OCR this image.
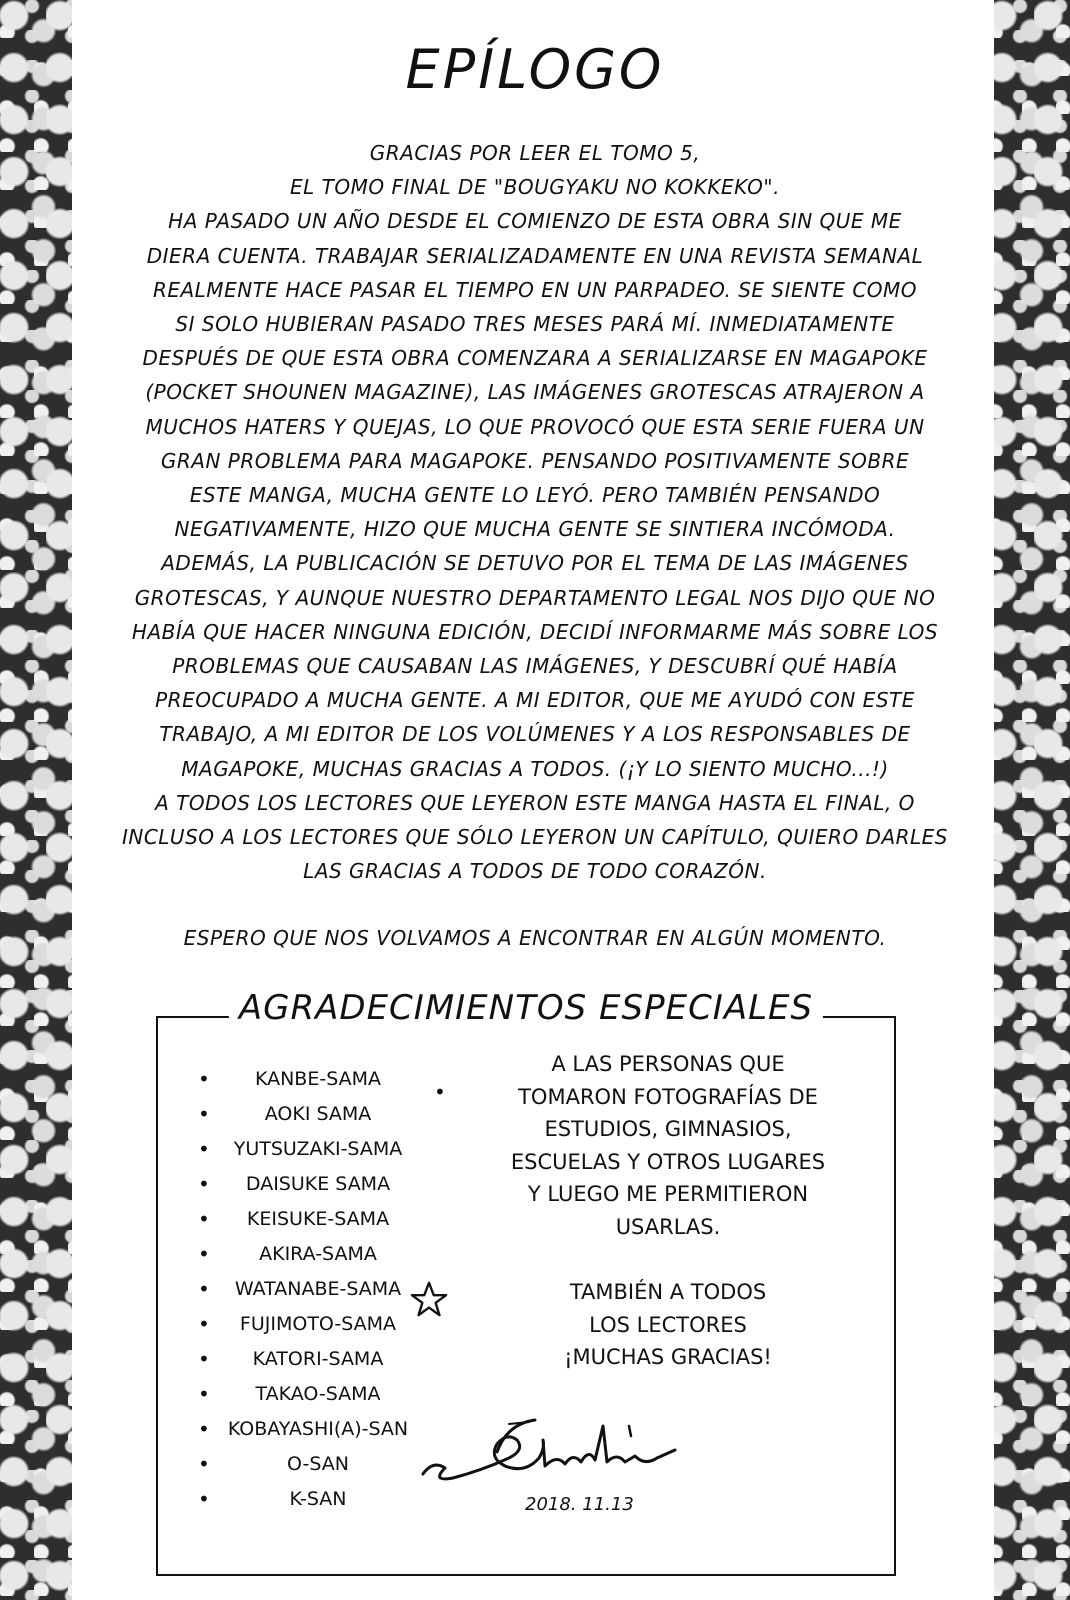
EPÍLOGO

GRACIAS POR LEER EL TOMO 5,
EL TOMO FINAL DE "BOUGYAKU NO KOKKEKO".
HA PASADO UN AÑO DESDE EL COMIENZO DE ESTA OBRA SIN QUE ME
DIERA CUENTA. TRABAJAR SERIALIZADAMENTE EN UNA REVISTA SEMANAL
REALMENTE HACE PASAR EL TIEMPO EN UN PARPADEO. SE SIENTE COMO
SI SOLO HUBIERAN PASADO TRES MESES PARÁ MÍ. INMEDIATAMENTE
DESPUÉS DE QUE ESTA OBRA COMENZARA A SERIALIZARSE EN MAGAPOKE
(POCKET SHOUNEN MAGAZINE), LAS IMÁGENES GROTESCAS ATRAJERON A
MUCHOS HATERS Y QUEJAS, LO QUE PROVOCÓ QUE ESTA SERIE FUERA UN
GRAN PROBLEMA PARA MAGAPOKE. PENSANDO POSITIVAMENTE SOBRE
ESTE MANGA, MUCHA GENTE LO LEYÓ. PERO TAMBIÉN PENSANDO
NEGATIVAMENTE, HIZO QUE MUCHA GENTE SE SINTIERA INCÓMODA.
ADEMÁS, LA PUBLICACIÓN SE DETUVO POR EL TEMA DE LAS IMÁGENES
GROTESCAS, Y AUNQUE NUESTRO DEPARTAMENTO LEGAL NOS DIJO QUE NO
HABÍA QUE HACER NINGUNA EDICIÓN, DECIDÍ INFORMARME MÁS SOBRE LOS
PROBLEMAS QUE CAUSABAN LAS IMÁGENES, Y DESCUBRÍ QUÉ HABÍA
PREOCUPADO A MUCHA GENTE. A MI EDITOR, QUE ME AYUDÓ CON ESTE
TRABAJO, A MI EDITOR DE LOS VOLÚMENES Y A LOS RESPONSABLES DE
MAGAPOKE, MUCHAS GRACIAS A TODOS. (¡Y LO SIENTO MUCHO...!)
A TODOS LOS LECTORES QUE LEYERON ESTE MANGA HASTA EL FINAL, O
INCLUSO A LOS LECTORES QUE SÓLO LEYERON UN CAPÍTULO, QUIERO DARLES
LAS GRACIAS A TODOS DE TODO CORAZÓN.

ESPERO QUE NOS VOLVAMOS A ENCONTRAR EN ALGÚN MOMENTO.
AGRADECIMIENTOS ESPECIALES
• KANBE-SAMA
• AOKI SAMA
• YUTSUZAKI-SAMA
• DAISUKE SAMA
• KEISUKE-SAMA
• AKIRA-SAMA
• WATANABE-SAMA
• FUJIMOTO-SAMA
• KATORI-SAMA
• TAKAO-SAMA
• KOBAYASHI(A)-SAN
• O-SAN
• K-SAN
•
A LAS PERSONAS QUE
TOMARON FOTOGRAFÍAS DE
ESTUDIOS, GIMNASIOS,
ESCUELAS Y OTROS LUGARES
Y LUEGO ME PERMITIERON
USARLAS.
TAMBIÉN A TODOS
LOS LECTORES
¡MUCHAS GRACIAS!
2018. 11.13
